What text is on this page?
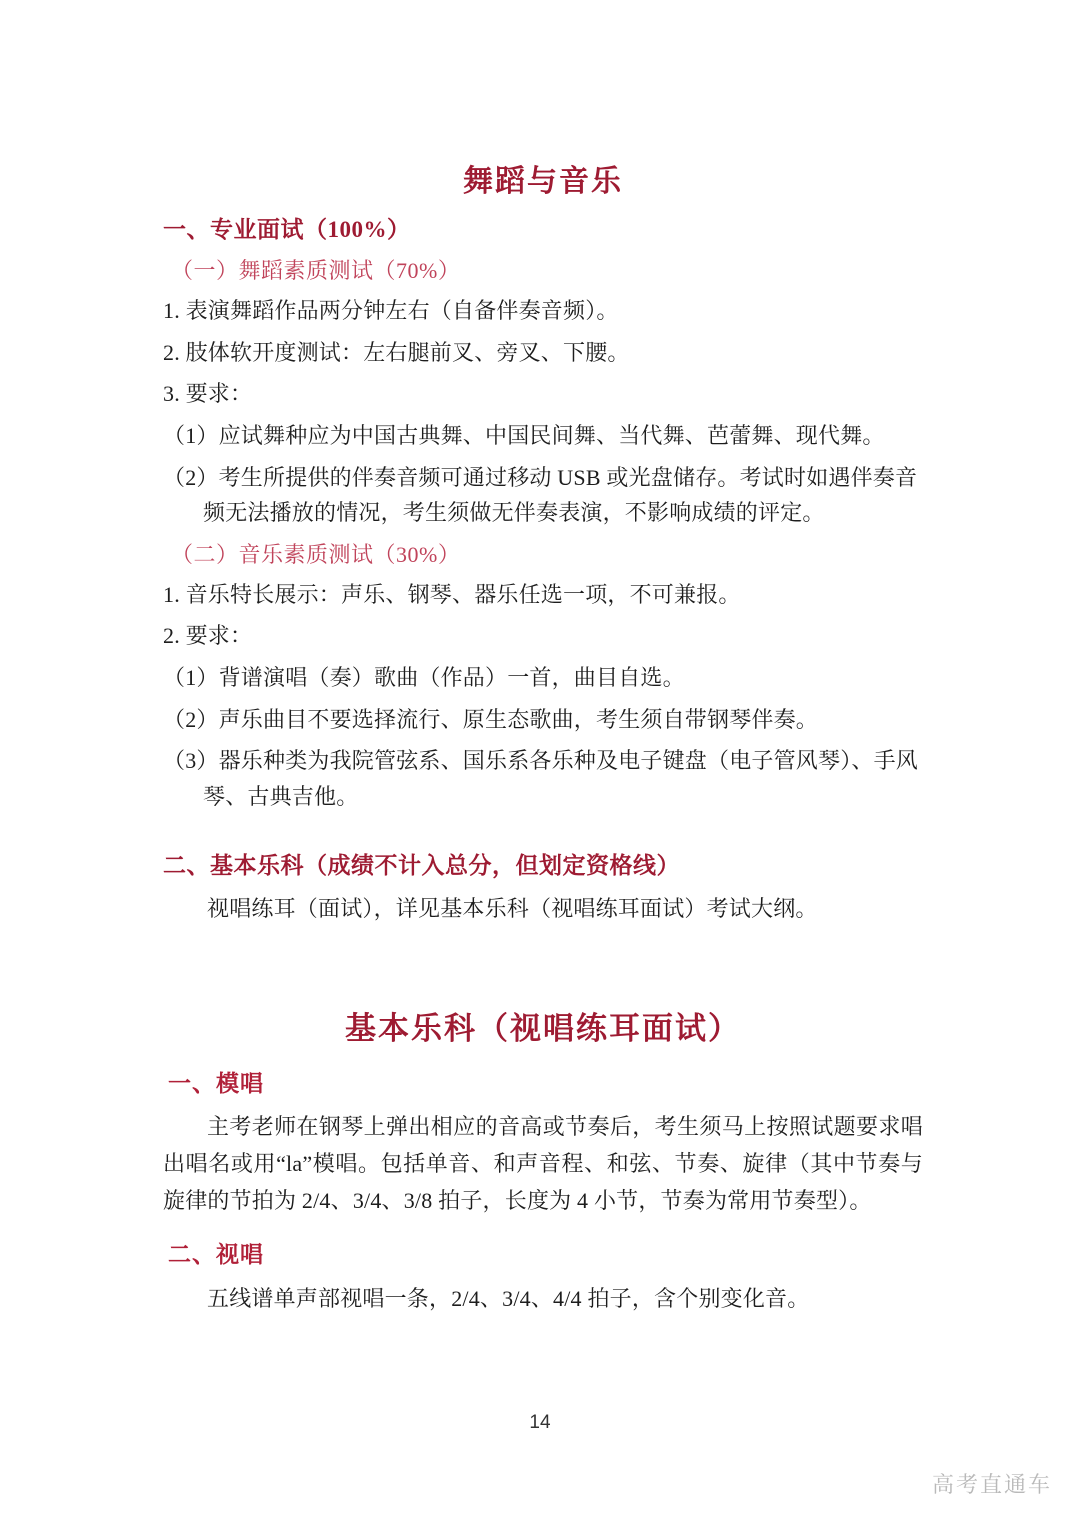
舞蹈与音乐
一、专业面试（100%）
（一）舞蹈素质测试（70%）
1. 表演舞蹈作品两分钟左右（自备伴奏音频）。
2. 肢体软开度测试：左右腿前叉、旁叉、下腰。
3. 要求：
（1）应试舞种应为中国古典舞、中国民间舞、当代舞、芭蕾舞、现代舞。
（2）考生所提供的伴奏音频可通过移动 USB 或光盘储存。考试时如遇伴奏音频无法播放的情况，考生须做无伴奏表演，不影响成绩的评定。
（二）音乐素质测试（30%）
1. 音乐特长展示：声乐、钢琴、器乐任选一项，不可兼报。
2. 要求：
（1）背谱演唱（奏）歌曲（作品）一首，曲目自选。
（2）声乐曲目不要选择流行、原生态歌曲，考生须自带钢琴伴奏。
（3）器乐种类为我院管弦系、国乐系各乐种及电子键盘（电子管风琴）、手风琴、古典吉他。
二、基本乐科（成绩不计入总分，但划定资格线）
视唱练耳（面试），详见基本乐科（视唱练耳面试）考试大纲。
基本乐科（视唱练耳面试）
一、模唱
主考老师在钢琴上弹出相应的音高或节奏后，考生须马上按照试题要求唱出唱名或用“la”模唱。包括单音、和声音程、和弦、节奏、旋律（其中节奏与旋律的节拍为 2/4、3/4、3/8 拍子，长度为 4 小节，节奏为常用节奏型）。
二、视唱
五线谱单声部视唱一条，2/4、3/4、4/4 拍子，含个别变化音。
14
高考直通车
